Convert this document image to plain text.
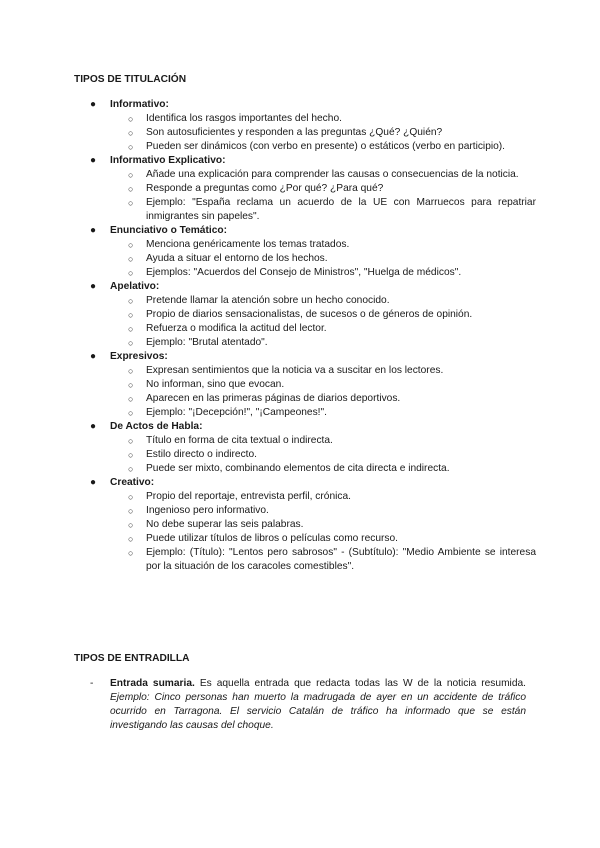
TIPOS DE TITULACIÓN
● Informativo:
○ Identifica los rasgos importantes del hecho.
○ Son autosuficientes y responden a las preguntas ¿Qué? ¿Quién?
○ Pueden ser dinámicos (con verbo en presente) o estáticos (verbo en participio).
● Informativo Explicativo:
○ Añade una explicación para comprender las causas o consecuencias de la noticia.
○ Responde a preguntas como ¿Por qué? ¿Para qué?
○ Ejemplo: "España reclama un acuerdo de la UE con Marruecos para repatriar inmigrantes sin papeles".
● Enunciativo o Temático:
○ Menciona genéricamente los temas tratados.
○ Ayuda a situar el entorno de los hechos.
○ Ejemplos: "Acuerdos del Consejo de Ministros", "Huelga de médicos".
● Apelativo:
○ Pretende llamar la atención sobre un hecho conocido.
○ Propio de diarios sensacionalistas, de sucesos o de géneros de opinión.
○ Refuerza o modifica la actitud del lector.
○ Ejemplo: "Brutal atentado".
● Expresivos:
○ Expresan sentimientos que la noticia va a suscitar en los lectores.
○ No informan, sino que evocan.
○ Aparecen en las primeras páginas de diarios deportivos.
○ Ejemplo: "¡Decepción!", "¡Campeones!".
● De Actos de Habla:
○ Título en forma de cita textual o indirecta.
○ Estilo directo o indirecto.
○ Puede ser mixto, combinando elementos de cita directa e indirecta.
● Creativo:
○ Propio del reportaje, entrevista perfil, crónica.
○ Ingenioso pero informativo.
○ No debe superar las seis palabras.
○ Puede utilizar títulos de libros o películas como recurso.
○ Ejemplo: (Título): "Lentos pero sabrosos" - (Subtítulo): "Medio Ambiente se interesa por la situación de los caracoles comestibles".
TIPOS DE ENTRADILLA
- Entrada sumaria. Es aquella entrada que redacta todas las W de la noticia resumida. Ejemplo: Cinco personas han muerto la madrugada de ayer en un accidente de tráfico ocurrido en Tarragona. El servicio Catalán de tráfico ha informado que se están investigando las causas del choque.
